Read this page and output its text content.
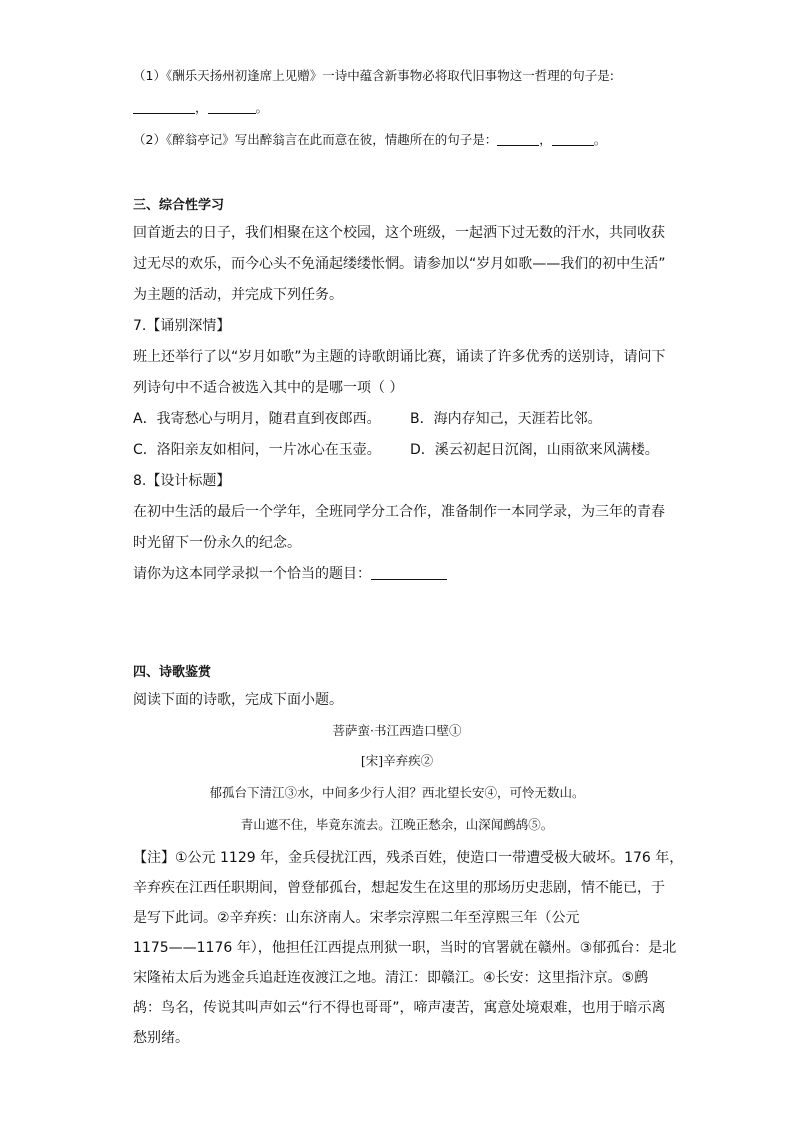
（1）《酬乐天扬州初逢席上见赠》一诗中蕴含新事物必将取代旧事物这一哲理的句子是:
，	。
（2）《醉翁亭记》写出醉翁言在此而意在彼，情趣所在的句子是：	，	。
三、综合性学习
回首逝去的日子，我们相聚在这个校园，这个班级，一起洒下过无数的汗水，共同收获
过无尽的欢乐，而今心头不免涌起缕缕怅惘。请参加以“岁月如歌——我们的初中生活”
为主题的活动，并完成下列任务。
7.【诵别深情】
班上还举行了以“岁月如歌”为主题的诗歌朗诵比赛，诵读了许多优秀的送别诗，请问下
列诗句中不适合被选入其中的是哪一项（ ）
A．我寄愁心与明月，随君直到夜郎西。 B．海内存知己，天涯若比邻。
C．洛阳亲友如相问，一片冰心在玉壶。 D．溪云初起日沉阁，山雨欲来风满楼。
8.【设计标题】
在初中生活的最后一个学年，全班同学分工合作，准备制作一本同学录，为三年的青春
时光留下一份永久的纪念。
请你为这本同学录拟一个恰当的题目：
四、诗歌鉴赏
阅读下面的诗歌，完成下面小题。
菩萨蛮·书江西造口壁①
[宋]辛弃疾②
郁孤台下清江③水，中间多少行人泪？西北望长安④，可怜无数山。
青山遮不住，毕竟东流去。江晚正愁余，山深闻鹧鸪⑤。
【注】①公元 1129 年，金兵侵扰江西，残杀百姓，使造口一带遭受极大破坏。176 年，
辛弃疾在江西任职期间，曾登郁孤台，想起发生在这里的那场历史悲剧，情不能已，于
是写下此词。②辛弃疾：山东济南人。宋孝宗淳熙二年至淳熙三年（公元
1175——1176 年），他担任江西提点刑狱一职，当时的官署就在赣州。③郁孤台：是北
宋隆祐太后为逃金兵追赶连夜渡江之地。清江：即赣江。④长安：这里指汴京。⑤鹧
鸪：鸟名，传说其叫声如云“行不得也哥哥”，啼声凄苦，寓意处境艰难，也用于暗示离
愁别绪。
